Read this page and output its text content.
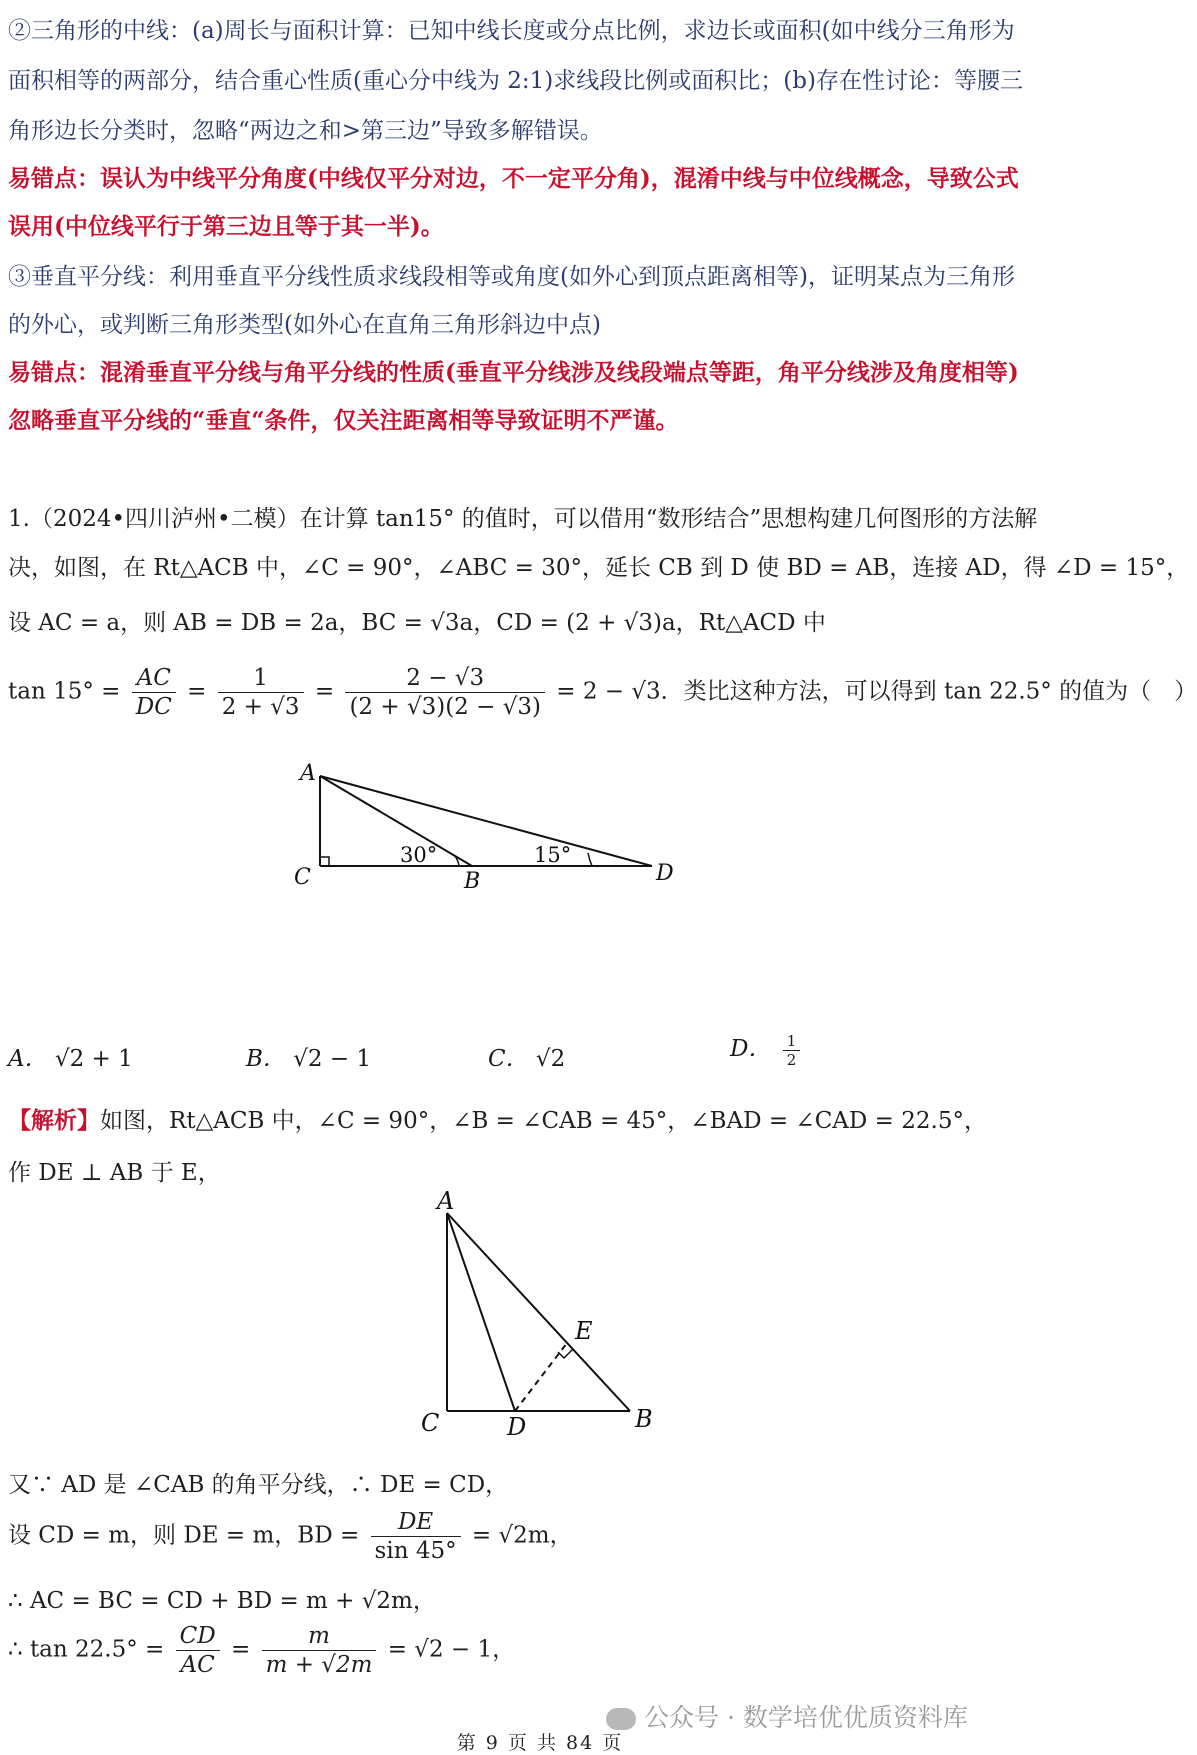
②三角形的中线：(a)周长与面积计算：已知中线长度或分点比例，求边长或面积(如中线分三角形为
面积相等的两部分，结合重心性质(重心分中线为 2:1)求线段比例或面积比；(b)存在性讨论：等腰三
角形边长分类时，忽略“两边之和>第三边”导致多解错误。
易错点：误认为中线平分角度(中线仅平分对边，不一定平分角)，混淆中线与中位线概念，导致公式
误用(中位线平行于第三边且等于其一半)。
③垂直平分线：利用垂直平分线性质求线段相等或角度(如外心到顶点距离相等)，证明某点为三角形
的外心，或判断三角形类型(如外心在直角三角形斜边中点)
易错点：混淆垂直平分线与角平分线的性质(垂直平分线涉及线段端点等距，角平分线涉及角度相等)
忽略垂直平分线的“垂直“条件，仅关注距离相等导致证明不严谨。
1.（2024•四川泸州•二模）在计算 tan15° 的值时，可以借用“数形结合”思想构建几何图形的方法解
决，如图，在 Rt△ACB 中，∠C = 90°，∠ABC = 30°，延长 CB 到 D 使 BD = AB，连接 AD，得 ∠D = 15°，
设 AC = a，则 AB = DB = 2a，BC = √3a，CD = (2 + √3)a，Rt△ACD 中
$\tan 15^\circ = \frac{AC}{DC} = \frac{1}{2 + √3} = \frac{2 - √3}{(2 + √3)(2 - √3)} = 2 - √3$．类比这种方法，可以得到 tan 22.5° 的值为（　）
A
C	B	D
30°	15°
A． √2 + 1	B． √2 − 1	C． √2	D． $\frac{1}{2}$
【解析】如图，Rt△ACB 中，∠C = 90°，∠B = ∠CAB = 45°，∠BAD = ∠CAD = 22.5°，
作 DE ⊥ AB 于 E，
A
C	D	B
E
又∵ AD 是 ∠CAB 的角平分线，∴ DE = CD，
设 CD = m，则 DE = m，BD = $\frac{DE}{\sin 45^\circ} = √2m$，
∴ AC = BC = CD + BD = m + √2m，
∴ $\tan 22.5^\circ = \frac{CD}{AC} = \frac{m}{m + √2m} = √2 - 1$，
公众号 · 数学培优优质资料库
第 9 页 共 84 页
